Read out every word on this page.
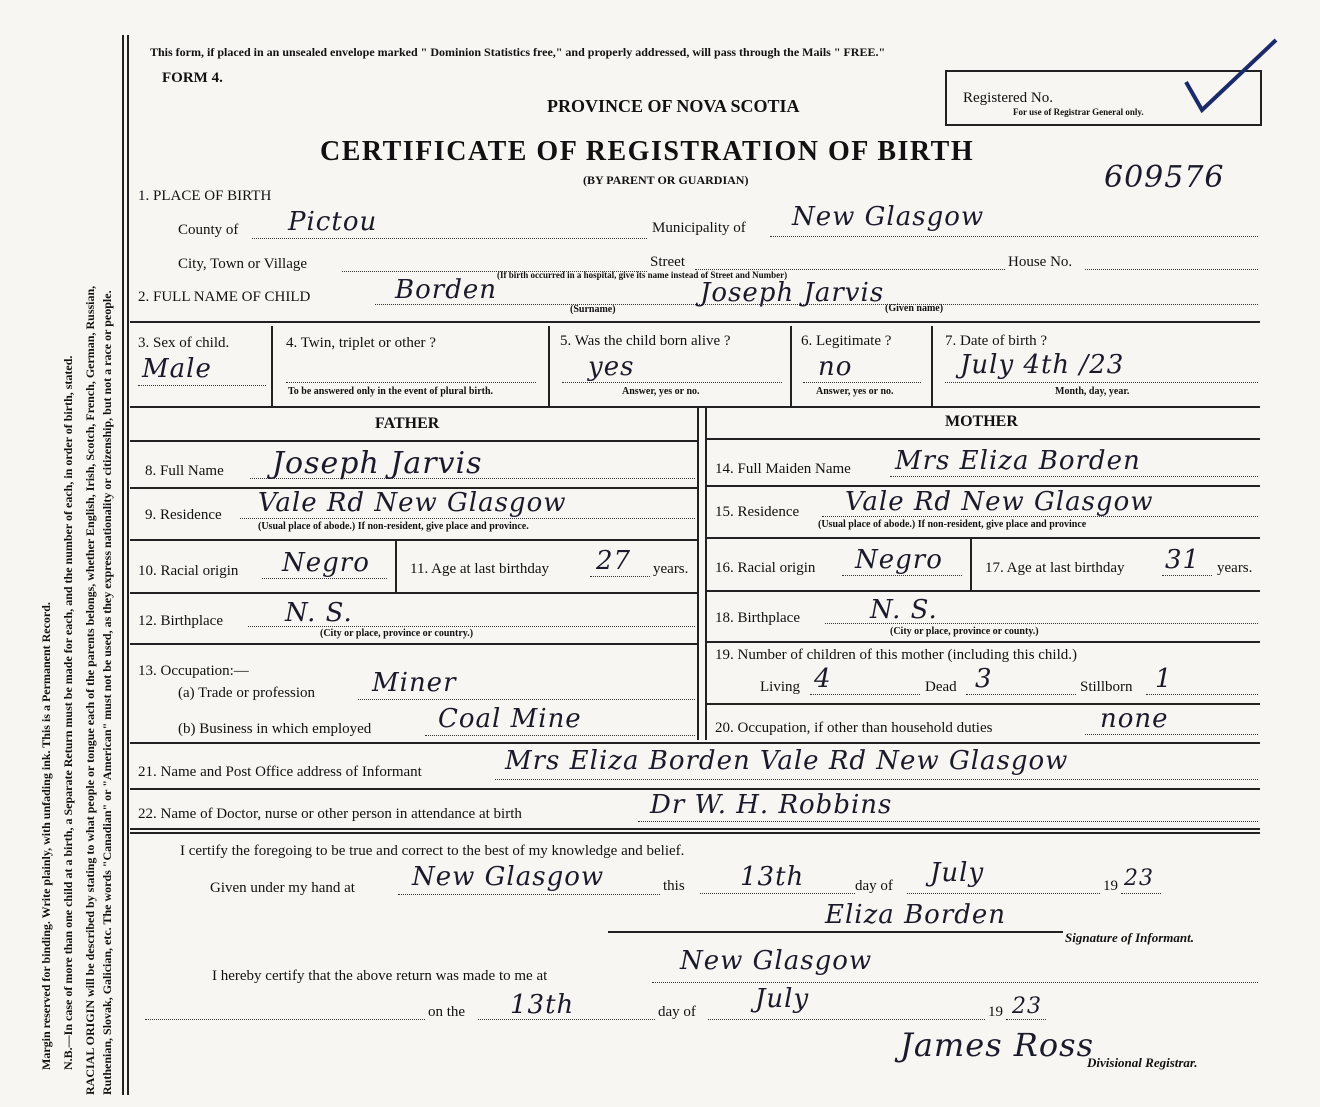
Margin reserved for binding. Write plainly, with unfading ink. This is a Permanent Record. N.B.—In case of more than one child at a birth, a Separate Return must be made for each, and the number of each, in order of birth, stated. RACIAL ORIGIN will be described by stating to what people or tongue each of the parents belongs, whether English, Irish, Scotch, French, German, Russian, Ruthenian, Slovak, Galician, etc. The words "Canadian" or "American" must not be used, as they express nationality or citizenship, but not a race or people.
This form, if placed in an unsealed envelope marked " Dominion Statistics free," and properly addressed, will pass through the Mails " FREE."
FORM 4.
PROVINCE OF NOVA SCOTIA
CERTIFICATE OF REGISTRATION OF BIRTH
(BY PARENT OR GUARDIAN)
Registered No.
For use of Registrar General only.
609576
1. PLACE OF BIRTH
County of Pictou	Municipality of New Glasgow
City, Town or Village	Street	House No.
(If birth occurred in a hospital, give its name instead of Street and Number)
2. FULL NAME OF CHILD	Borden	Joseph Jarvis
(Surname)	(Given name)
3. Sex of child.
Male
4. Twin, triplet or other ?
To be answered only in the event of plural birth.
5. Was the child born alive ?
yes
Answer, yes or no.
6. Legitimate ?
no
Answer, yes or no.
7. Date of birth ?
July 4th /23
Month, day, year.
FATHER	MOTHER
8. Full Name Joseph Jarvis
9. Residence Vale Rd New Glasgow
(Usual place of abode.) If non-resident, give place and province.
10. Racial origin Negro	11. Age at last birthday 27 years.
12. Birthplace N. S.
(City or place, province or country.)
13. Occupation:—
(a) Trade or profession Miner
(b) Business in which employed	Coal Mine
14. Full Maiden Name Mrs Eliza Borden
15. Residence Vale Rd New Glasgow
(Usual place of abode.) If non-resident, give place and province
16. Racial origin Negro	17. Age at last birthday 31 years.
18. Birthplace	N. S.
(City or place, province or county.)
19. Number of children of this mother (including this child.)
Living 4	Dead 3	Stillborn 1
20. Occupation, if other than household duties	none
21. Name and Post Office address of Informant	Mrs Eliza Borden Vale Rd New Glasgow
22. Name of Doctor, nurse or other person in attendance at birth	Dr W. H. Robbins
I certify the foregoing to be true and correct to the best of my knowledge and belief.
Given under my hand at New Glasgow	this 13th	day of July	19 23
Eliza Borden
Signature of Informant.
I hereby certify that the above return was made to me at	New Glasgow
on the 13th	day of July	19 23
James Ross
Divisional Registrar.
